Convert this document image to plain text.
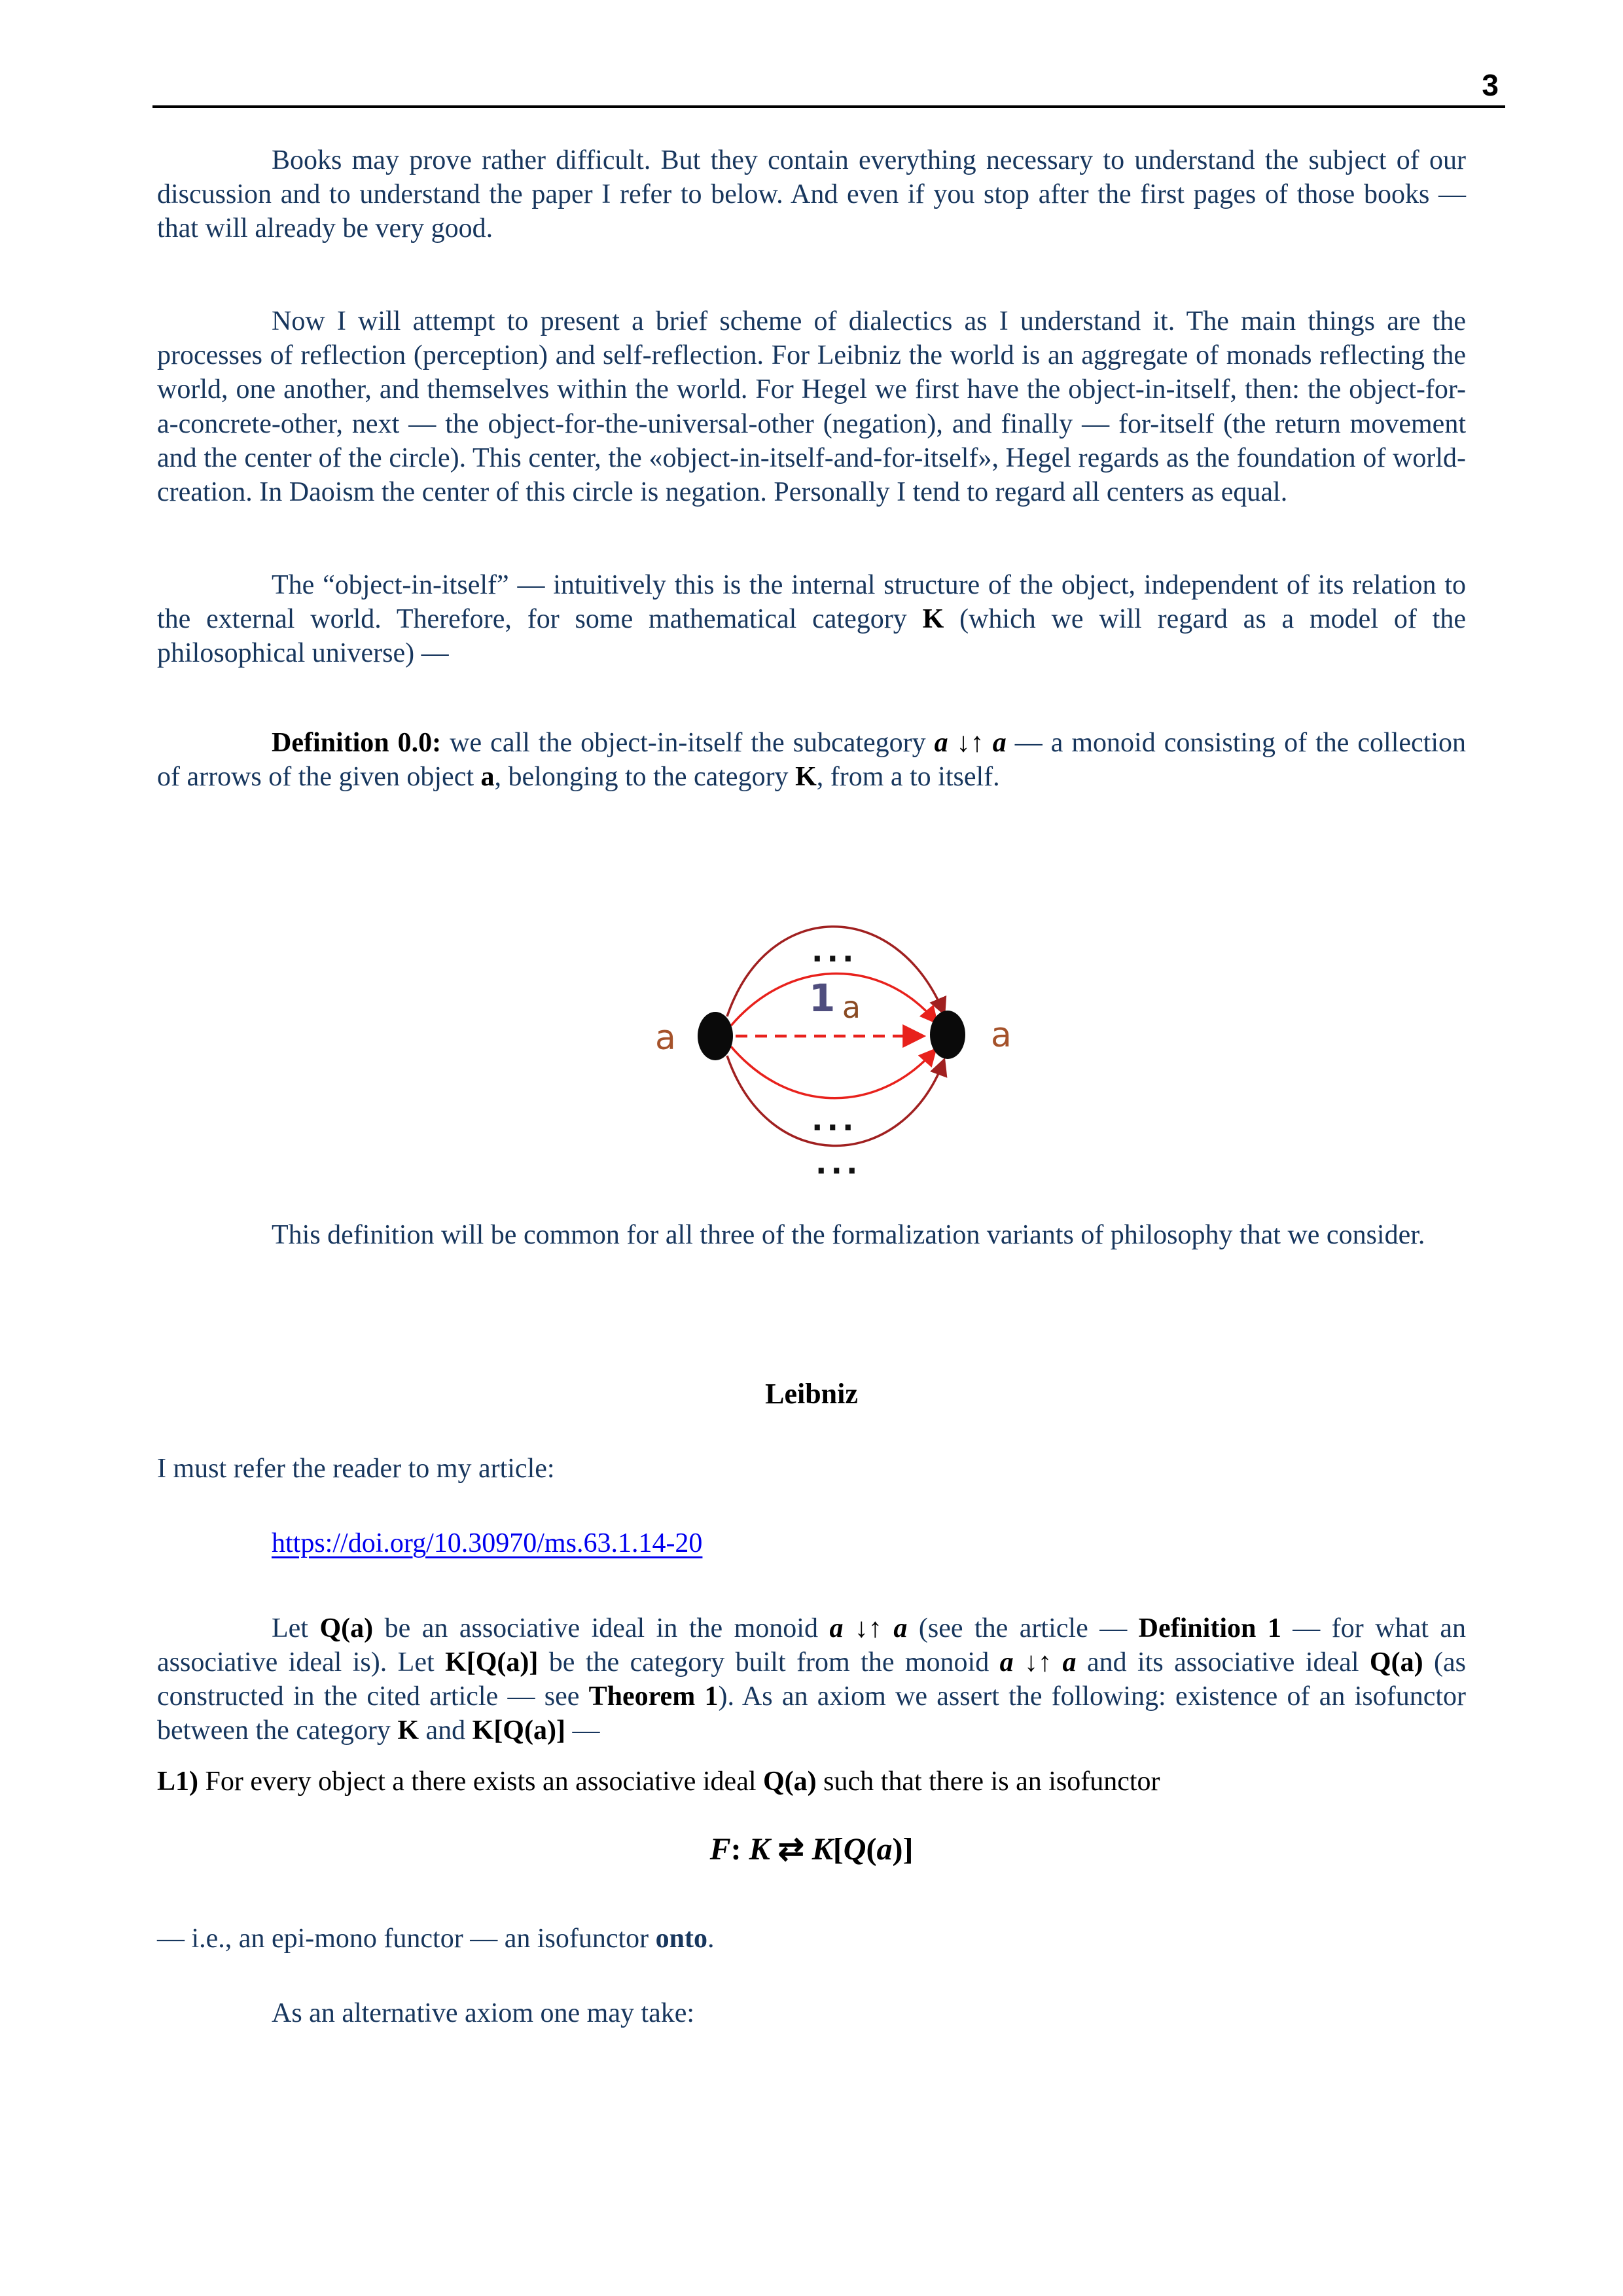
3

Books may prove rather difficult. But they contain everything necessary to understand the subject of our discussion and to understand the paper I refer to below. And even if you stop after the first pages of those books — that will already be very good.

Now I will attempt to present a brief scheme of dialectics as I understand it. The main things are the processes of reflection (perception) and self-reflection. For Leibniz the world is an aggregate of monads reflecting the world, one another, and themselves within the world. For Hegel we first have the object-in-itself, then: the object-for-a-concrete-other, next — the object-for-the-universal-other (negation), and finally — for-itself (the return movement and the center of the circle). This center, the «object-in-itself-and-for-itself», Hegel regards as the foundation of world-creation. In Daoism the center of this circle is negation. Personally I tend to regard all centers as equal.

The “object-in-itself” — intuitively this is the internal structure of the object, independent of its relation to the external world. Therefore, for some mathematical category K (which we will regard as a model of the philosophical universe) —

Definition 0.0: we call the object-in-itself the subcategory a ↓↑ a — a monoid consisting of the collection of arrows of the given object a, belonging to the category K, from a to itself.

a	a
1 a
...
...
...

This definition will be common for all three of the formalization variants of philosophy that we consider.

Leibniz

I must refer the reader to my article:

https://doi.org/10.30970/ms.63.1.14-20

Let Q(a) be an associative ideal in the monoid a ↓↑ a (see the article — Definition 1 — for what an associative ideal is). Let K[Q(a)] be the category built from the monoid a ↓↑ a and its associative ideal Q(a) (as constructed in the cited article — see Theorem 1). As an axiom we assert the following: existence of an isofunctor between the category K and K[Q(a)] —

L1) For every object a there exists an associative ideal Q(a) such that there is an isofunctor

F: K ⇄ K[Q(a)]

— i.e., an epi-mono functor — an isofunctor onto.

As an alternative axiom one may take:
